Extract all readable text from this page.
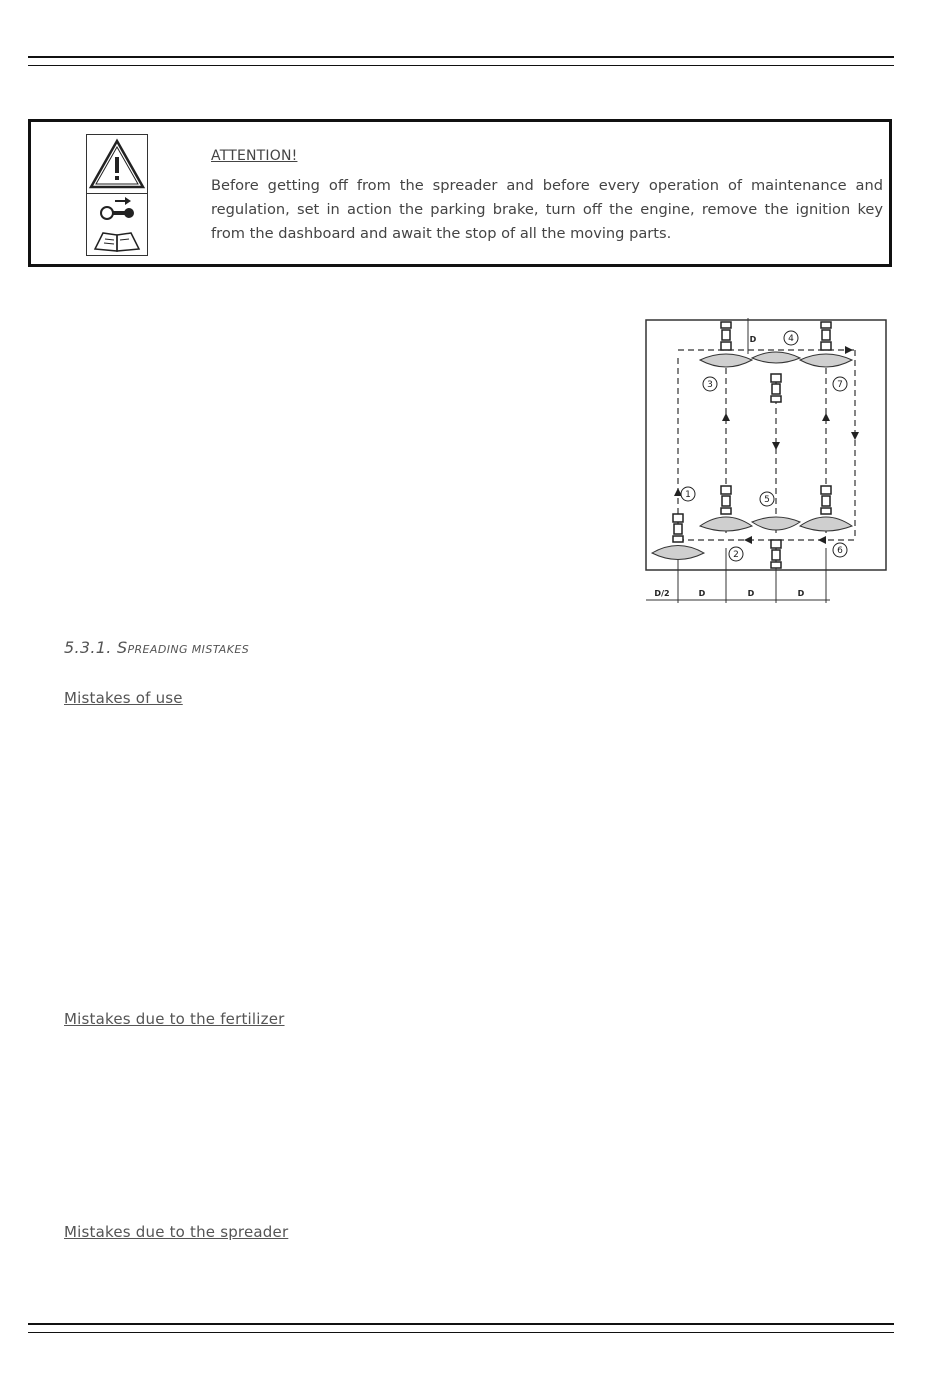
ATTENTION!
Before getting off from the spreader and before every operation of maintenance and regulation, set in action the parking brake, turn off the engine, remove the ignition key from the dashboard and await the stop of all the moving parts.
1
2
3
4
5
6
7
D
D/2	D	D	D
5.3.1. SPREADING MISTAKES
Mistakes of use
Mistakes due to the fertilizer
Mistakes due to the spreader
